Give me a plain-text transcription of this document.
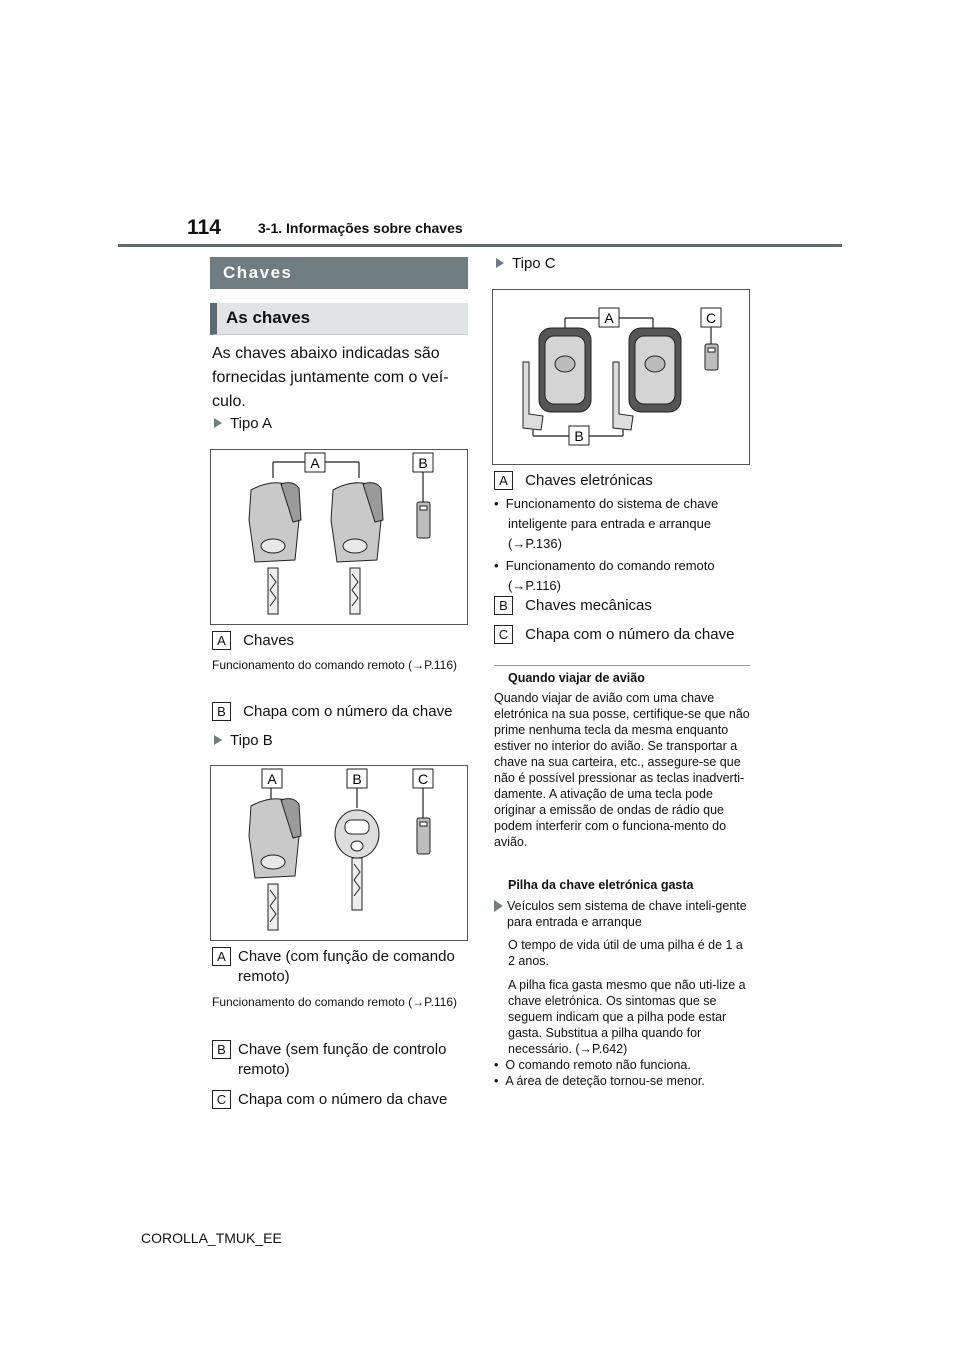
114	3-1. Informações sobre chaves
Chaves
As chaves
As chaves abaixo indicadas são fornecidas juntamente com o veí-culo.
Tipo A
A	B
A Chaves
Funcionamento do comando remoto (→P.116)
B Chapa com o número da chave
Tipo B
A	B	C
A Chave (com função de comando remoto)
Funcionamento do comando remoto (→P.116)
B Chave (sem função de controlo remoto)
C Chapa com o número da chave
Tipo C
A	C
B
A Chaves eletrónicas
•  Funcionamento do sistema de chave inteligente para entrada e arranque (→P.136)
•  Funcionamento do comando remoto (→P.116)
B Chaves mecânicas
C Chapa com o número da chave
Quando viajar de avião
Quando viajar de avião com uma chave eletrónica na sua posse, certifique-se que não prime nenhuma tecla da mesma enquanto estiver no interior do avião. Se transportar a chave na sua carteira, etc., assegure-se que não é possível pressionar as teclas inadverti-damente. A ativação de uma tecla pode originar a emissão de ondas de rádio que podem interferir com o funciona-mento do avião.
Pilha da chave eletrónica gasta
Veículos sem sistema de chave inteli-gente para entrada e arranque
O tempo de vida útil de uma pilha é de 1 a 2 anos.
A pilha fica gasta mesmo que não uti-lize a chave eletrónica. Os sintomas que se seguem indicam que a pilha pode estar gasta. Substitua a pilha quando for necessário. (→P.642)
•  O comando remoto não funciona.
•  A área de deteção tornou-se menor.
COROLLA_TMUK_EE
